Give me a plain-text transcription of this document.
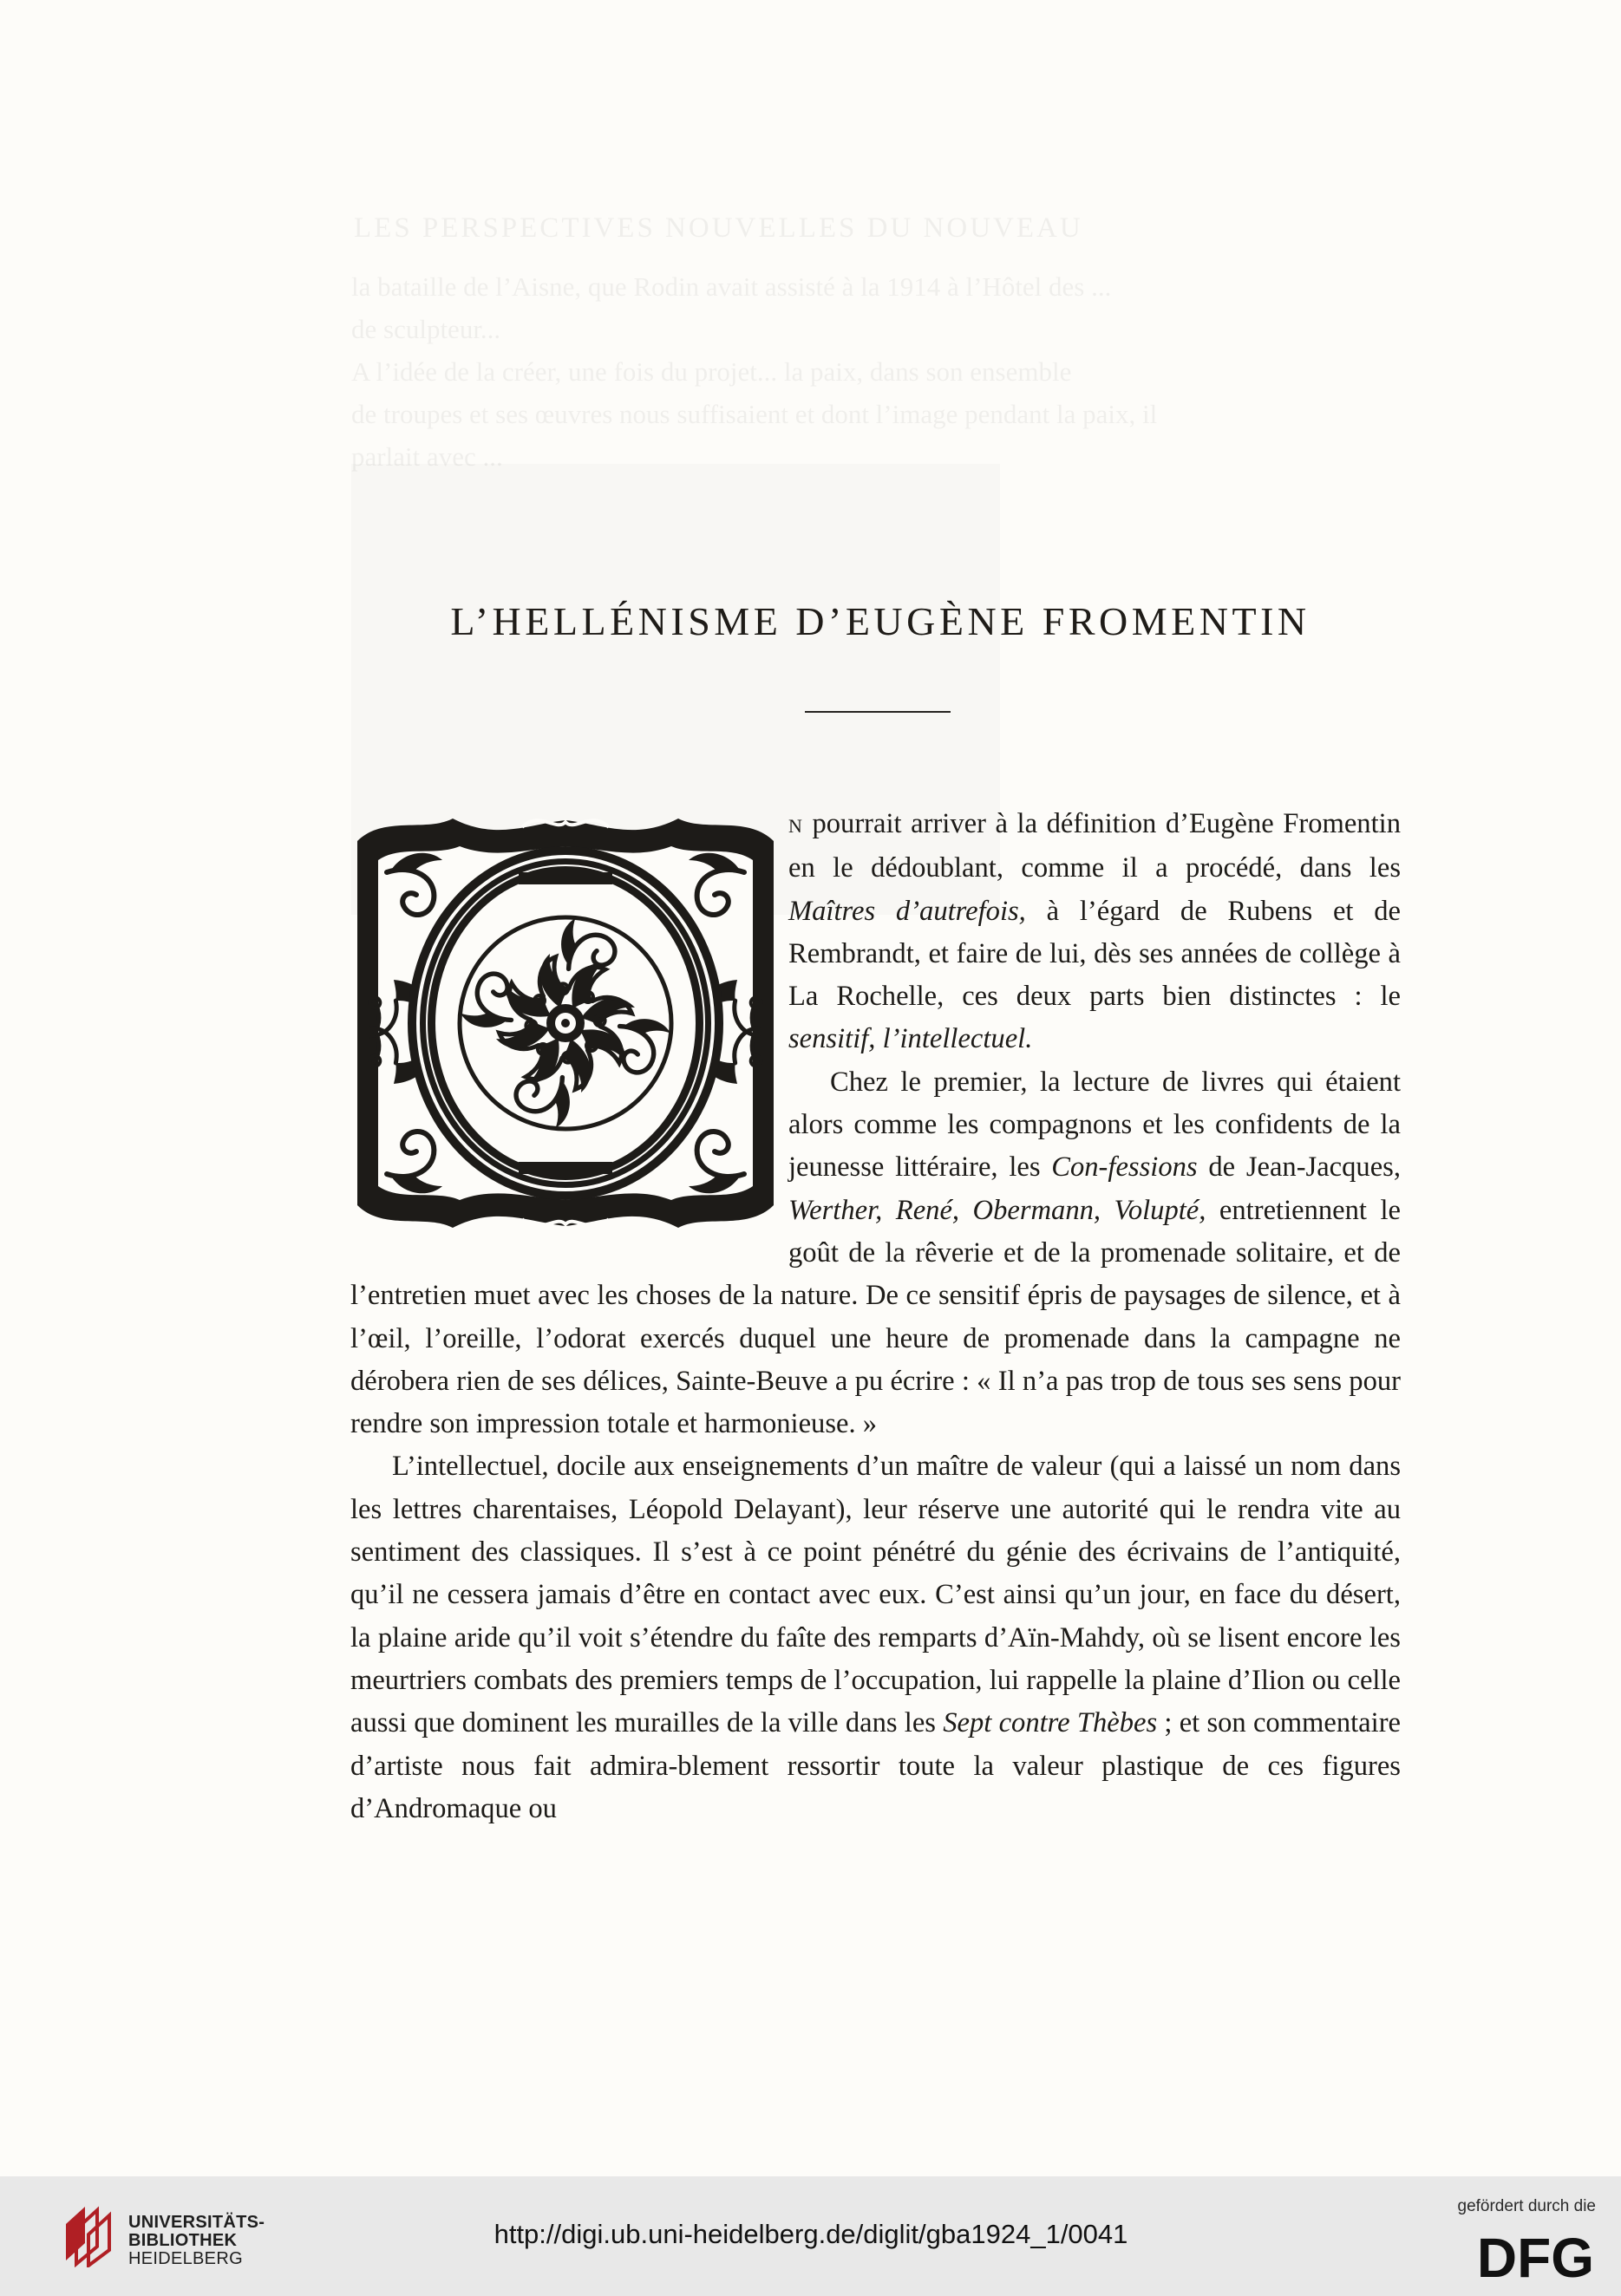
LES PERSPECTIVES NOUVELLES DU NOUVEAU
la bataille de l’Aisne, que Rodin avait assisté à la 1914 à l’Hôtel des ...
de sculpteur...
A l’idée de la créer, une fois du projet... la paix, dans son ensemble
de troupes et ses œuvres nous suffisaient et dont l’image pendant la paix, il
parlait avec ...
L’HELLÉNISME D’EUGÈNE FROMENTIN

N pourrait arriver à la définition d’Eugène Fromentin en le dédoublant, comme il a procédé, dans les Maîtres d’autrefois, à l’égard de Rubens et de Rembrandt, et faire de lui, dès ses années de collège à La Rochelle, ces deux parts bien distinctes : le sensitif, l’intellectuel.

Chez le premier, la lecture de livres qui étaient alors comme les compagnons et les confidents de la jeunesse littéraire, les Con-fessions de Jean-Jacques, Werther, René, Obermann, Volupté, entretiennent le goût de la rêverie et de la promenade solitaire, et de l’entretien muet avec les choses de la nature. De ce sensitif épris de paysages de silence, et à l’œil, l’oreille, l’odorat exercés duquel une heure de promenade dans la campagne ne dérobera rien de ses délices, Sainte-Beuve a pu écrire : « Il n’a pas trop de tous ses sens pour rendre son impression totale et harmonieuse. »

L’intellectuel, docile aux enseignements d’un maître de valeur (qui a laissé un nom dans les lettres charentaises, Léopold Delayant), leur réserve une autorité qui le rendra vite au sentiment des classiques. Il s’est à ce point pénétré du génie des écrivains de l’antiquité, qu’il ne cessera jamais d’être en contact avec eux. C’est ainsi qu’un jour, en face du désert, la plaine aride qu’il voit s’étendre du faîte des remparts d’Aïn-Mahdy, où se lisent encore les meurtriers combats des premiers temps de l’occupation, lui rappelle la plaine d’Ilion ou celle aussi que dominent les murailles de la ville dans les Sept contre Thèbes ; et son commentaire d’artiste nous fait admira-blement ressortir toute la valeur plastique de ces figures d’Andromaque ou

UNIVERSITÄTS-
BIBLIOTHEK
HEIDELBERG
http://digi.ub.uni-heidelberg.de/diglit/gba1924_1/0041
gefördert durch die
DFG
